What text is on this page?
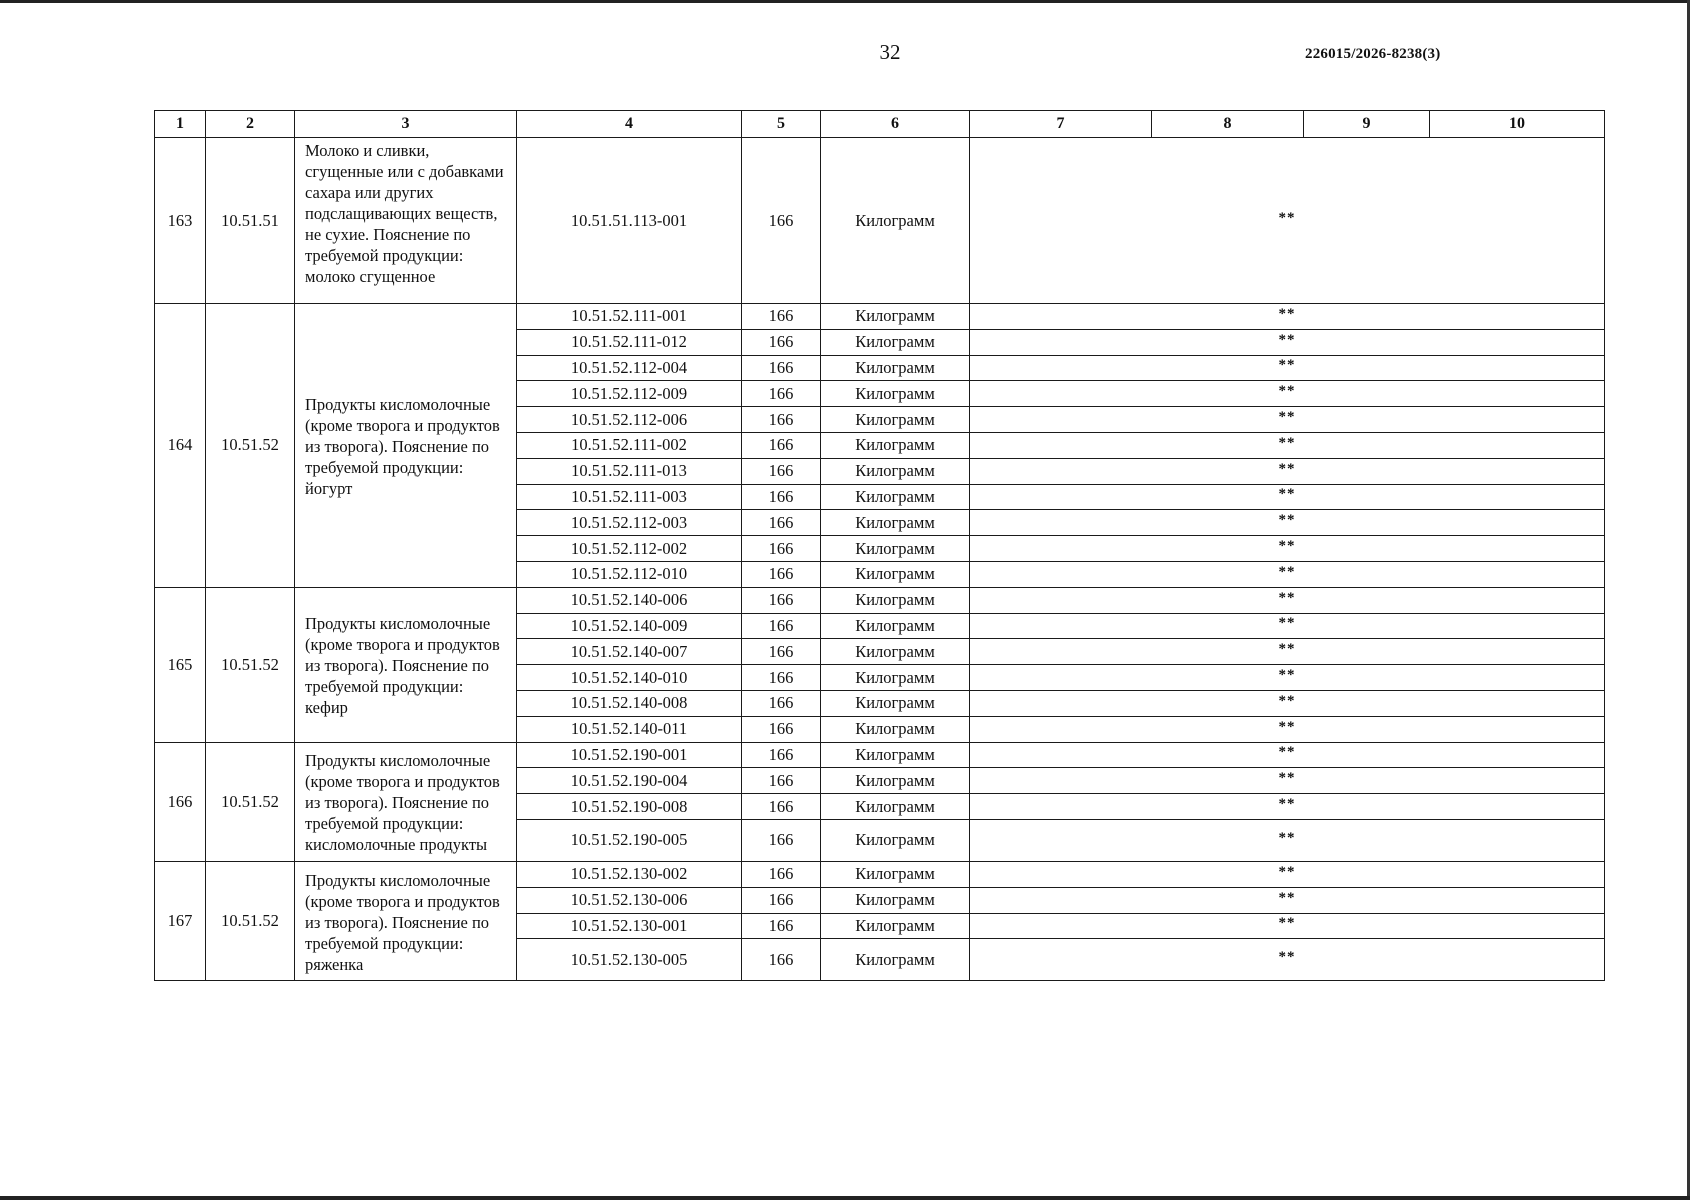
32	226015/2026-8238(3)
1	2	3	4	5	6	7	8	9	10
163	10.51.51	Молоко и сливки, сгущенные или с добавками сахара или других подслащивающих веществ, не сухие. Пояснение по требуемой продукции: молоко сгущенное	10.51.51.113-001	166	Килограмм	**			
164	10.51.52	Продукты кисломолочные (кроме творога и продуктов из творога). Пояснение по требуемой продукции: йогурт	10.51.52.111-001	166	Килограмм	**			
			10.51.52.111-012	166	Килограмм	**			
			10.51.52.112-004	166	Килограмм	**			
			10.51.52.112-009	166	Килограмм	**			
			10.51.52.112-006	166	Килограмм	**			
			10.51.52.111-002	166	Килограмм	**			
			10.51.52.111-013	166	Килограмм	**			
			10.51.52.111-003	166	Килограмм	**			
			10.51.52.112-003	166	Килограмм	**			
			10.51.52.112-002	166	Килограмм	**			
			10.51.52.112-010	166	Килограмм	**			
165	10.51.52	Продукты кисломолочные (кроме творога и продуктов из творога). Пояснение по требуемой продукции: кефир	10.51.52.140-006	166	Килограмм	**			
			10.51.52.140-009	166	Килограмм	**			
			10.51.52.140-007	166	Килограмм	**			
			10.51.52.140-010	166	Килограмм	**			
			10.51.52.140-008	166	Килограмм	**			
			10.51.52.140-011	166	Килограмм	**			
166	10.51.52	Продукты кисломолочные (кроме творога и продуктов из творога). Пояснение по требуемой продукции: кисломолочные продукты	10.51.52.190-001	166	Килограмм	**			
			10.51.52.190-004	166	Килограмм	**			
			10.51.52.190-008	166	Килограмм	**			
			10.51.52.190-005	166	Килограмм	**			
167	10.51.52	Продукты кисломолочные (кроме творога и продуктов из творога). Пояснение по требуемой продукции: ряженка	10.51.52.130-002	166	Килограмм	**			
			10.51.52.130-006	166	Килограмм	**			
			10.51.52.130-001	166	Килограмм	**			
			10.51.52.130-005	166	Килограмм	**			
